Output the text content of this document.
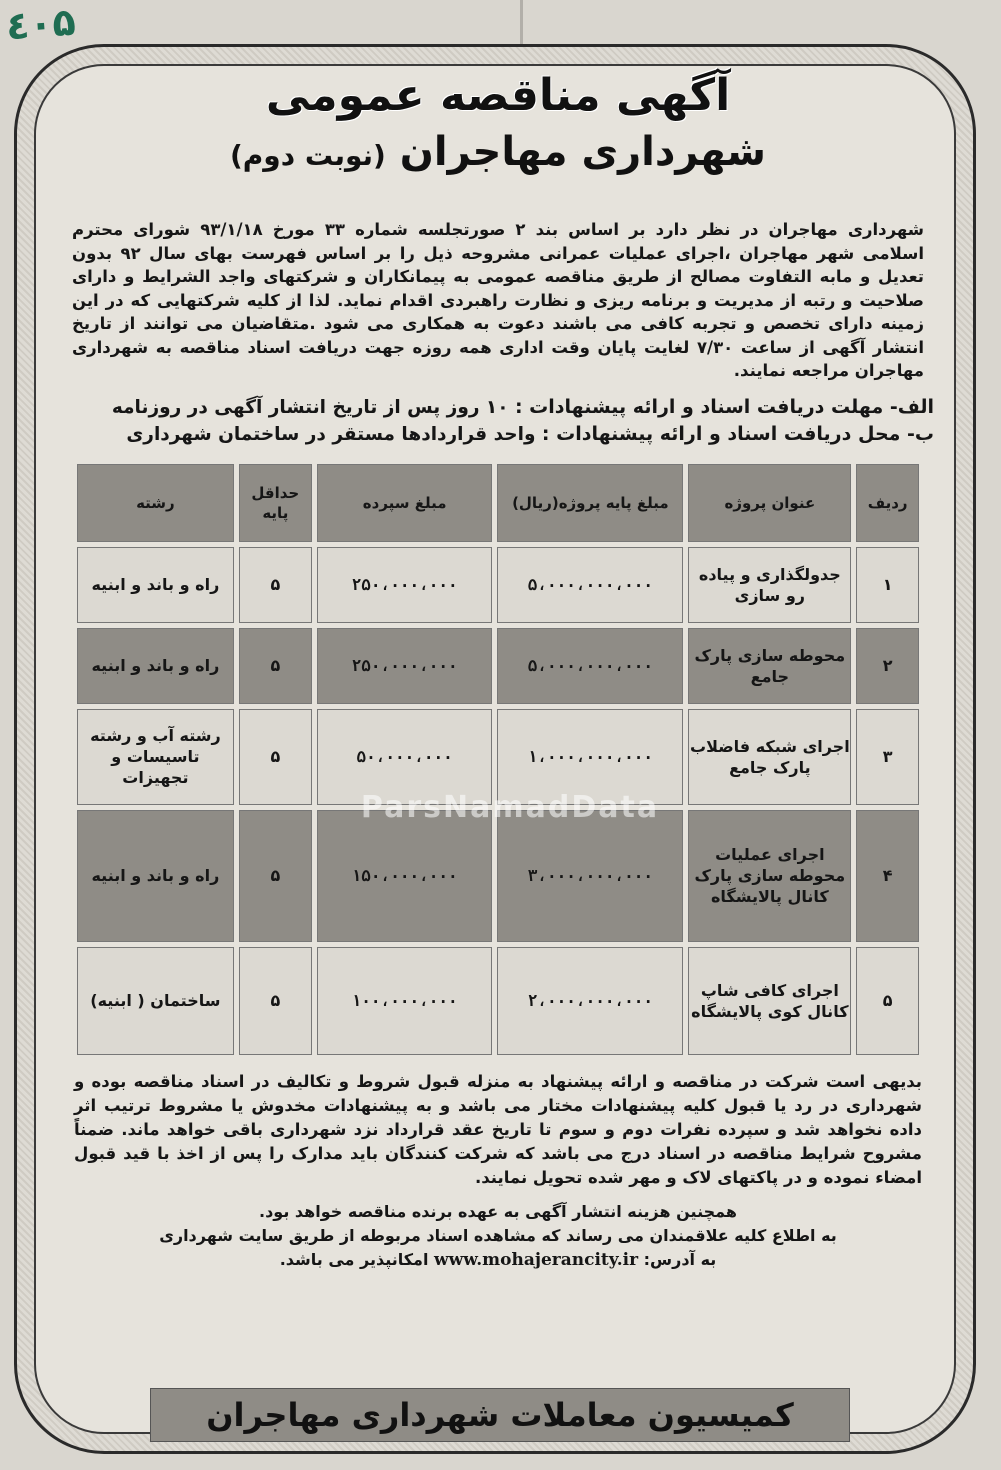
٤۰۵
آگهی مناقصه عمومی
شهرداری مهاجران (نوبت دوم)

شهرداری مهاجران در نظر دارد بر اساس بند ۲ صورتجلسه شماره ۳۳ مورخ ۹۳/۱/۱۸ شورای محترم اسلامی شهر مهاجران ،اجرای عملیات عمرانی مشروحه ذیل را بر اساس فهرست بهای سال ۹۲ بدون تعدیل و مابه التفاوت مصالح از طریق مناقصه عمومی به پیمانکاران و شرکتهای واجد الشرایط و دارای صلاحیت و رتبه از مدیریت و برنامه ریزی و نظارت راهبردی اقدام نماید. لذا از کلیه شرکتهایی که در این زمینه دارای تخصص و تجربه کافی می باشند دعوت به همکاری می شود .متقاضیان می توانند از تاریخ انتشار آگهی از ساعت ۷/۳۰ لغایت پایان وقت اداری همه روزه جهت دریافت اسناد مناقصه به شهرداری مهاجران مراجعه نمایند.

الف- مهلت دریافت اسناد و ارائه پیشنهادات : ۱۰ روز پس از تاریخ انتشار آگهی در روزنامه
ب- محل دریافت اسناد و ارائه پیشنهادات : واحد قراردادها مستقر در ساختمان شهرداری
ردیف	عنوان پروژه	مبلغ پایه پروژه(ریال)	مبلغ سپرده	حداقل پایه	رشته
۱	جدولگذاری و پیاده رو سازی	۵،۰۰۰،۰۰۰،۰۰۰	۲۵۰،۰۰۰،۰۰۰	۵	راه و باند و ابنیه
۲	محوطه سازی پارک جامع	۵،۰۰۰،۰۰۰،۰۰۰	۲۵۰،۰۰۰،۰۰۰	۵	راه و باند و ابنیه
۳	اجرای شبکه فاضلاب پارک جامع	۱،۰۰۰،۰۰۰،۰۰۰	۵۰،۰۰۰،۰۰۰	۵	رشته آب و رشته تاسیسات و تجهیزات
۴	اجرای عملیات محوطه سازی پارک کانال پالایشگاه	۳،۰۰۰،۰۰۰،۰۰۰	۱۵۰،۰۰۰،۰۰۰	۵	راه و باند و ابنیه
۵	اجرای کافی شاپ کانال کوی پالایشگاه	۲،۰۰۰،۰۰۰،۰۰۰	۱۰۰،۰۰۰،۰۰۰	۵	ساختمان ( ابنیه)

بدیهی است شرکت در مناقصه و ارائه پیشنهاد به منزله قبول شروط و تکالیف در اسناد مناقصه بوده و شهرداری در رد یا قبول کلیه پیشنهادات مختار می باشد و به پیشنهادات مخدوش یا مشروط ترتیب اثر داده نخواهد شد و سپرده نفرات دوم و سوم تا تاریخ عقد قرارداد نزد شهرداری باقی خواهد ماند. ضمناً مشروح شرایط مناقصه در اسناد درج می باشد که شرکت کنندگان باید مدارک را پس از اخذ با قید قبول امضاء نموده و در پاکتهای لاک و مهر شده تحویل نمایند.

همچنین هزینه انتشار آگهی به عهده برنده مناقصه خواهد بود.
به اطلاع کلیه علاقمندان می رساند که مشاهده اسناد مربوطه از طریق سایت شهرداری
به آدرس: www.mohajerancity.ir امکانپذیر می باشد.
ParsNamadData
کمیسیون معاملات شهرداری مهاجران
